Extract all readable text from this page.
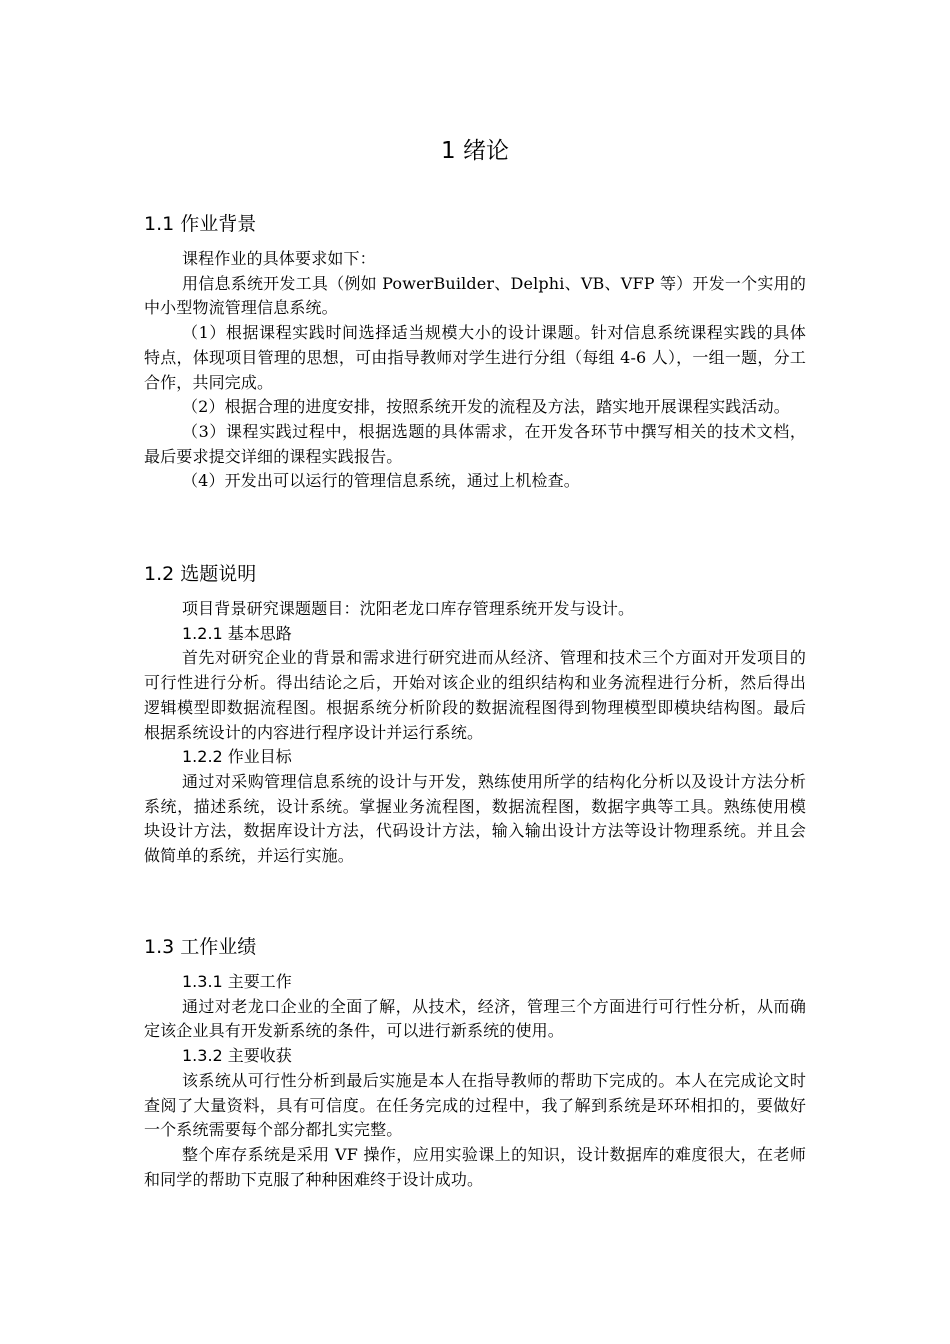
1 绪论
1.1 作业背景

课程作业的具体要求如下：

用信息系统开发工具（例如 PowerBuilder、Delphi、VB、VFP 等）开发一个实用的中小型物流管理信息系统。

（1）根据课程实践时间选择适当规模大小的设计课题。针对信息系统课程实践的具体特点，体现项目管理的思想，可由指导教师对学生进行分组（每组 4-6 人），一组一题，分工合作，共同完成。

（2）根据合理的进度安排，按照系统开发的流程及方法，踏实地开展课程实践活动。

（3）课程实践过程中，根据选题的具体需求，在开发各环节中撰写相关的技术文档，最后要求提交详细的课程实践报告。

（4）开发出可以运行的管理信息系统，通过上机检查。

1.2 选题说明

项目背景研究课题题目：沈阳老龙口库存管理系统开发与设计。

1.2.1 基本思路

首先对研究企业的背景和需求进行研究进而从经济、管理和技术三个方面对开发项目的可行性进行分析。得出结论之后，开始对该企业的组织结构和业务流程进行分析，然后得出逻辑模型即数据流程图。根据系统分析阶段的数据流程图得到物理模型即模块结构图。最后根据系统设计的内容进行程序设计并运行系统。

1.2.2 作业目标

通过对采购管理信息系统的设计与开发，熟练使用所学的结构化分析以及设计方法分析系统，描述系统，设计系统。掌握业务流程图，数据流程图，数据字典等工具。熟练使用模块设计方法，数据库设计方法，代码设计方法，输入输出设计方法等设计物理系统。并且会做简单的系统，并运行实施。

1.3 工作业绩
1.3.1 主要工作

通过对老龙口企业的全面了解，从技术，经济，管理三个方面进行可行性分析，从而确定该企业具有开发新系统的条件，可以进行新系统的使用。

1.3.2 主要收获

该系统从可行性分析到最后实施是本人在指导教师的帮助下完成的。本人在完成论文时查阅了大量资料，具有可信度。在任务完成的过程中，我了解到系统是环环相扣的，要做好一个系统需要每个部分都扎实完整。

整个库存系统是采用 VF 操作，应用实验课上的知识，设计数据库的难度很大，在老师和同学的帮助下克服了种种困难终于设计成功。
